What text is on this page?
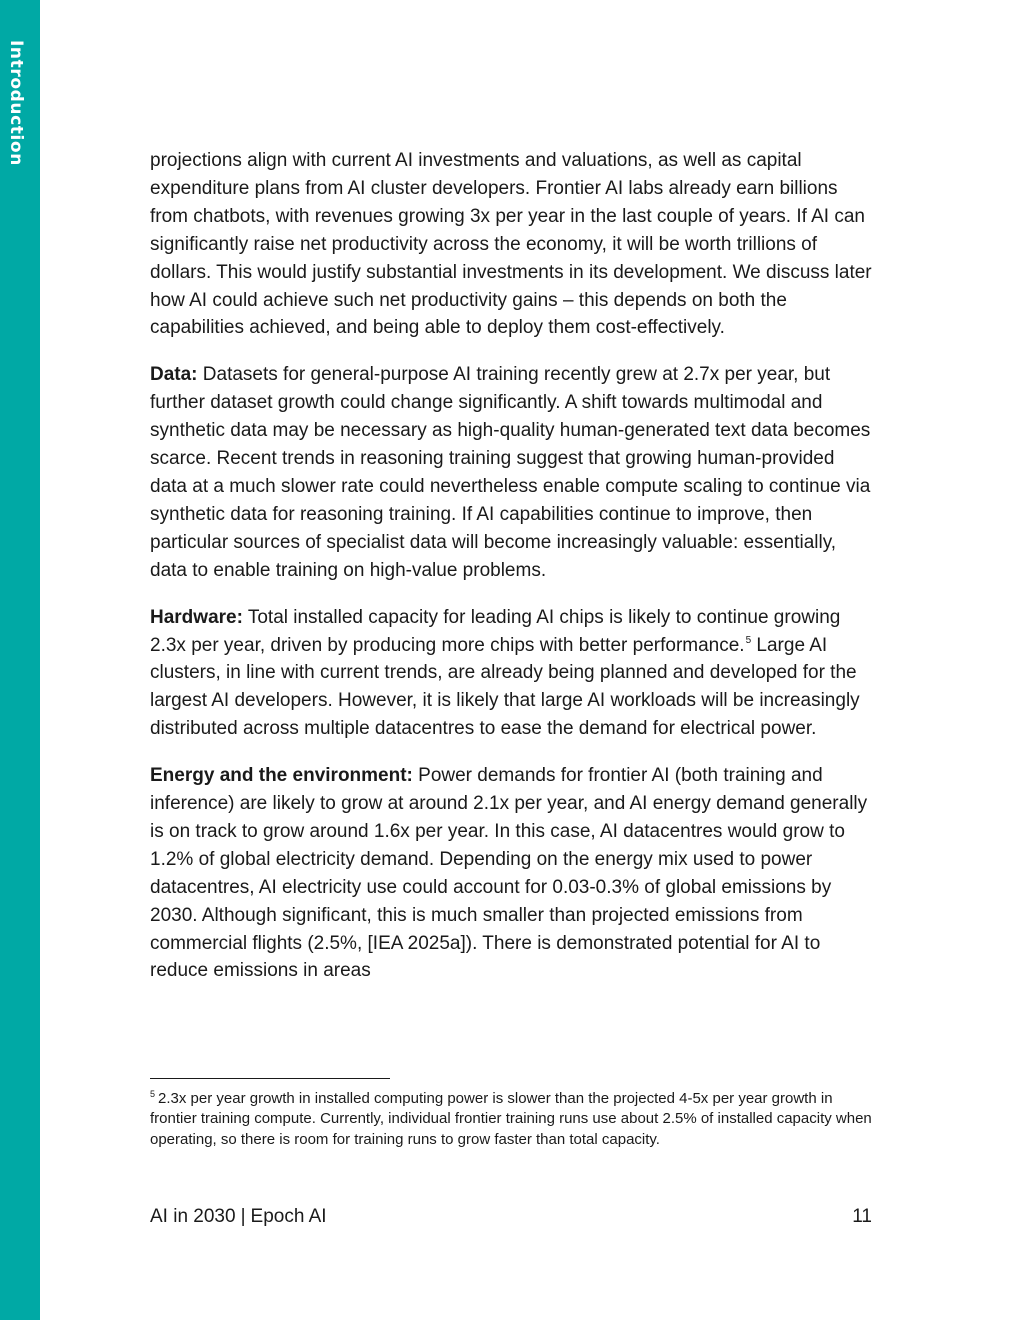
Introduction	projections align with current AI investments and valuations, as well as capital expenditure plans from AI cluster developers. Frontier AI labs already earn billions from chatbots, with revenues growing 3x per year in the last couple of years. If AI can significantly raise net productivity across the economy, it will be worth trillions of dollars. This would justify substantial investments in its development. We discuss later how AI could achieve such net productivity gains – this depends on both the capabilities achieved, and being able to deploy them cost-effectively.

Data: Datasets for general-purpose AI training recently grew at 2.7x per year, but further dataset growth could change significantly. A shift towards multimodal and synthetic data may be necessary as high-quality human-generated text data becomes scarce. Recent trends in reasoning training suggest that growing human-provided data at a much slower rate could nevertheless enable compute scaling to continue via synthetic data for reasoning training. If AI capabilities continue to improve, then particular sources of specialist data will become increasingly valuable: essentially, data to enable training on high-value problems.

Hardware: Total installed capacity for leading AI chips is likely to continue growing 2.3x per year, driven by producing more chips with better performance.$^5$ Large AI clusters, in line with current trends, are already being planned and developed for the largest AI developers. However, it is likely that large AI workloads will be increasingly distributed across multiple datacentres to ease the demand for electrical power.

Energy and the environment: Power demands for frontier AI (both training and inference) are likely to grow at around 2.1x per year, and AI energy demand generally is on track to grow around 1.6x per year. In this case, AI datacentres would grow to 1.2% of global electricity demand. Depending on the energy mix used to power datacentres, AI electricity use could account for 0.03-0.3% of global emissions by 2030. Although significant, this is much smaller than projected emissions from commercial flights (2.5%, [IEA 2025a]). There is demonstrated potential for AI to reduce emissions in areas

$^5$ 2.3x per year growth in installed computing power is slower than the projected 4-5x per year growth in frontier training compute. Currently, individual frontier training runs use about 2.5% of installed capacity when operating, so there is room for training runs to grow faster than total capacity.

AI in 2030 | Epoch AI	11
